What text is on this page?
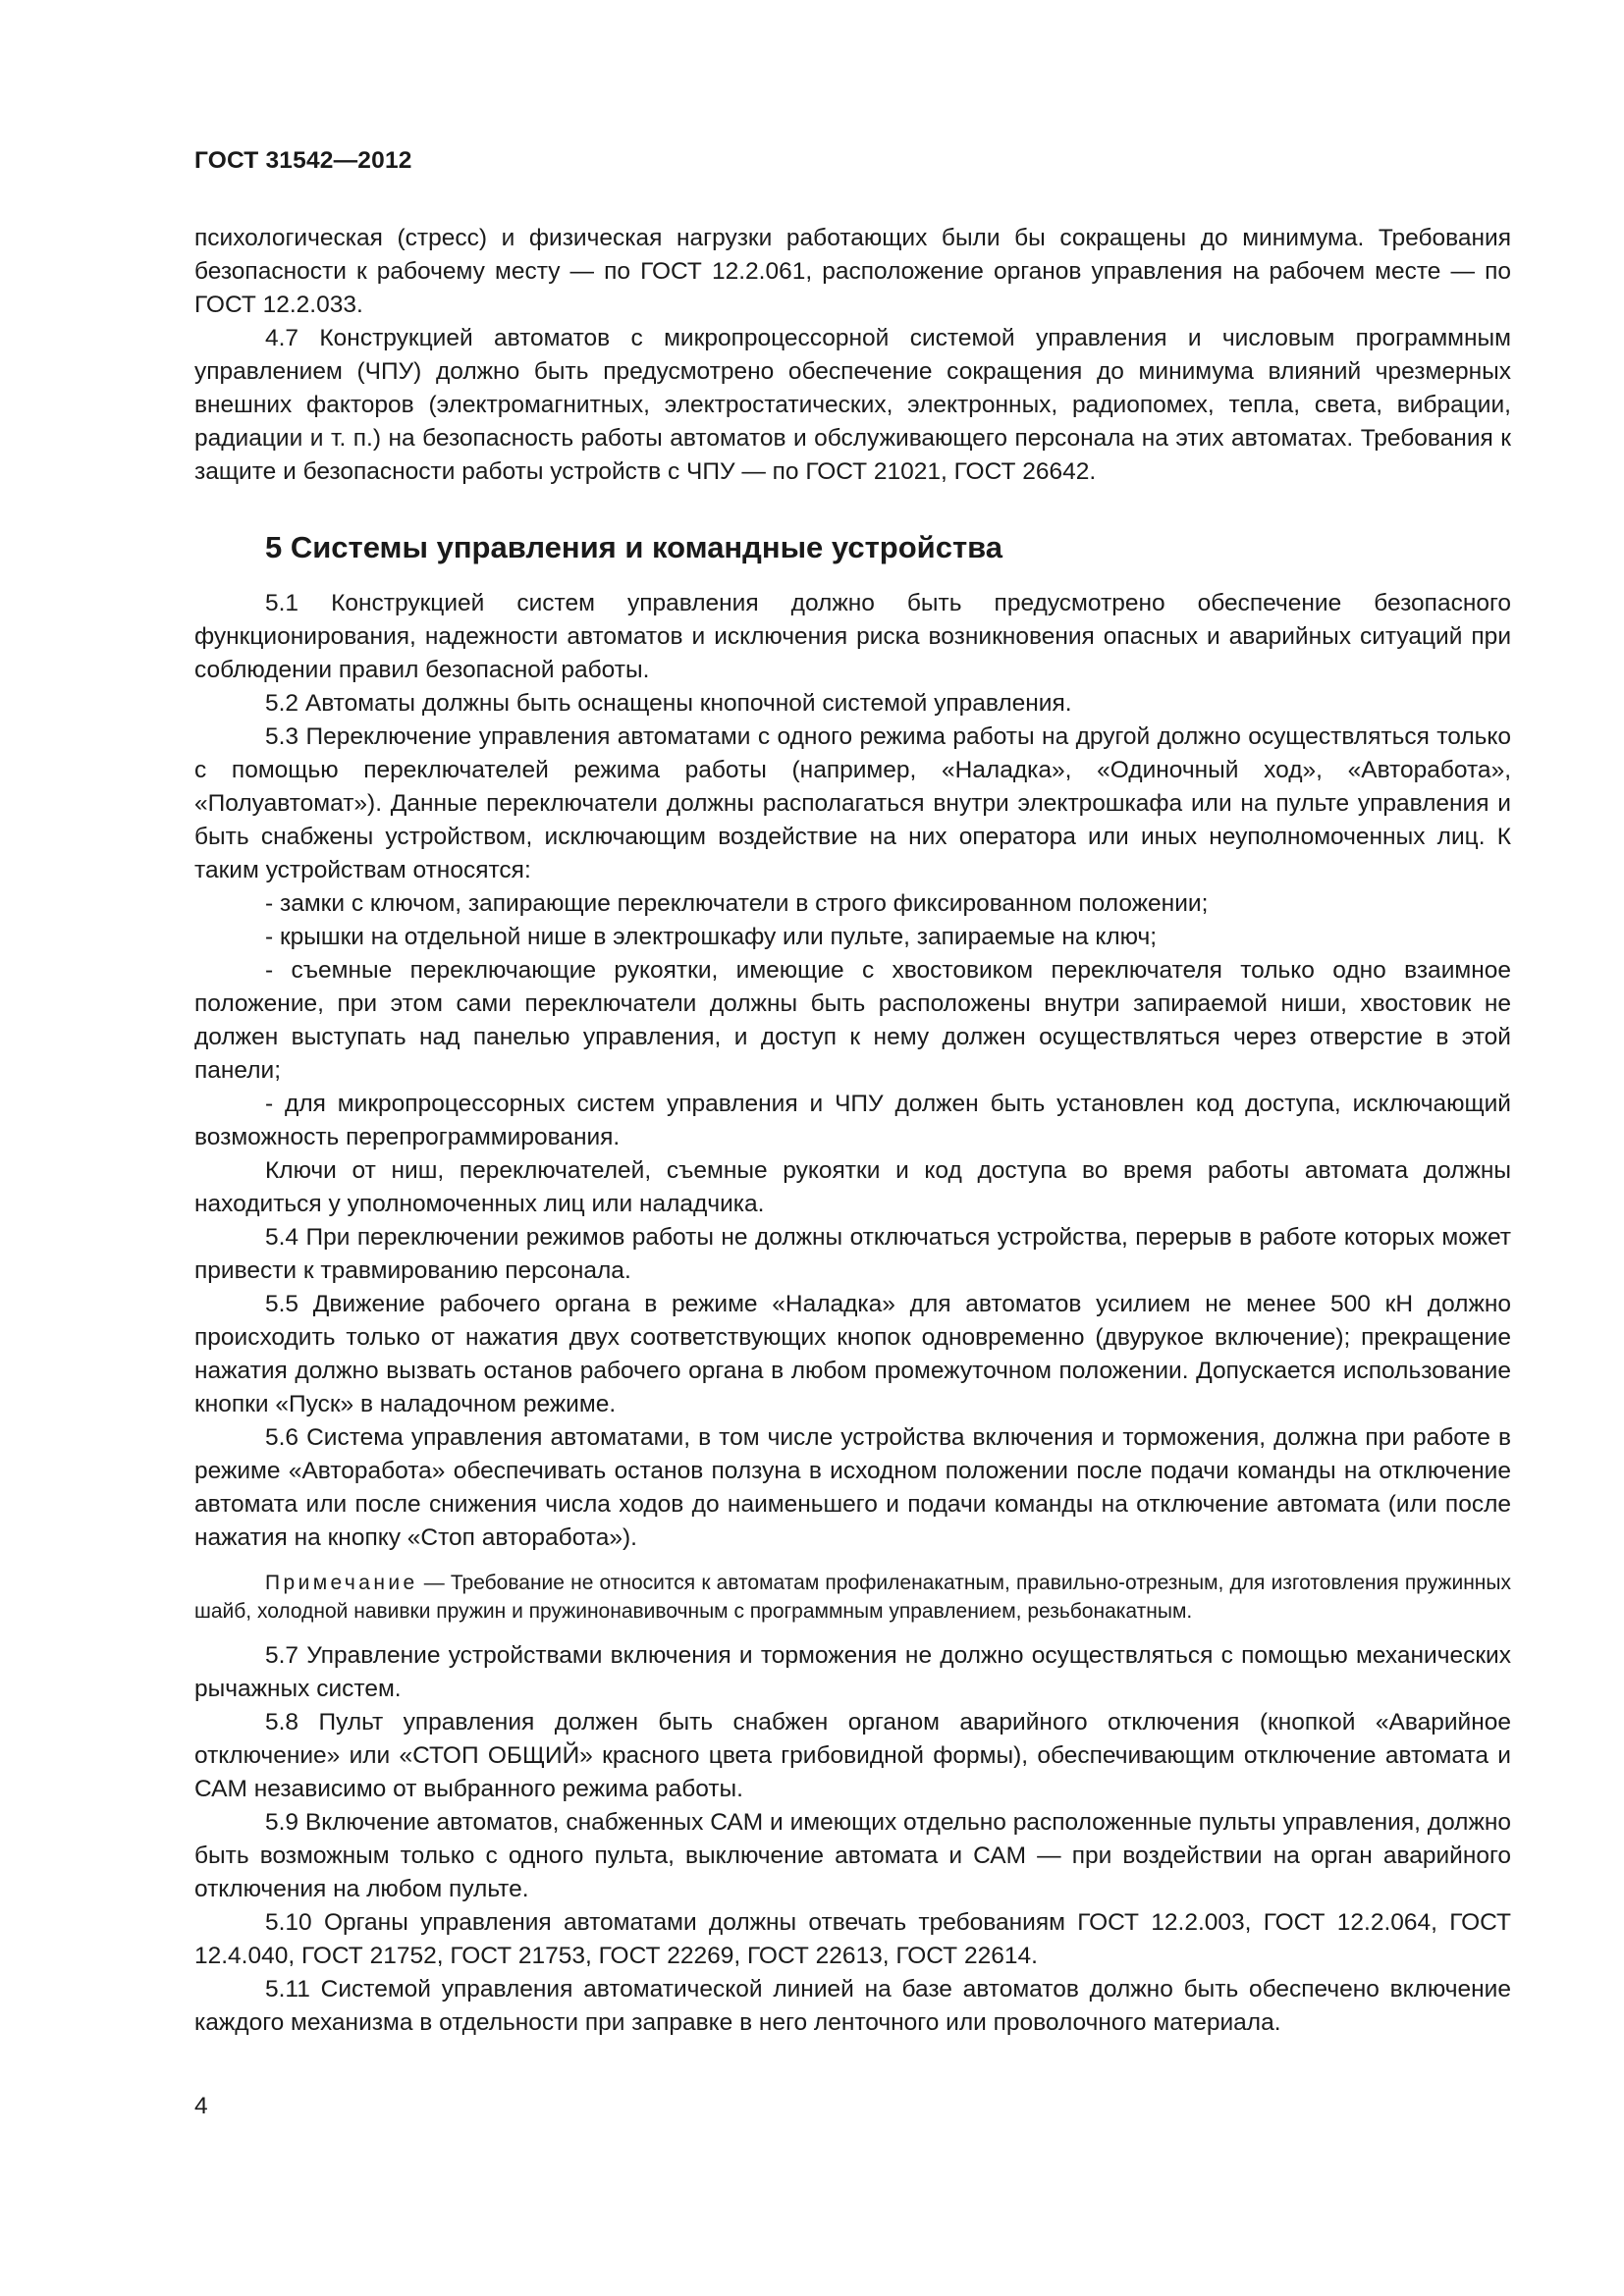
ГОСТ 31542—2012

психологическая (стресс) и физическая нагрузки работающих были бы сокращены до минимума. Требования безопасности к рабочему месту — по ГОСТ 12.2.061, расположение органов управления на рабочем месте — по ГОСТ 12.2.033.

4.7 Конструкцией автоматов с микропроцессорной системой управления и числовым программным управлением (ЧПУ) должно быть предусмотрено обеспечение сокращения до минимума влияний чрезмерных внешних факторов (электромагнитных, электростатических, электронных, радиопомех, тепла, света, вибрации, радиации и т. п.) на безопасность работы автоматов и обслуживающего персонала на этих автоматах. Требования к защите и безопасности работы устройств с ЧПУ — по ГОСТ 21021, ГОСТ 26642.

5 Системы управления и командные устройства

5.1 Конструкцией систем управления должно быть предусмотрено обеспечение безопасного функционирования, надежности автоматов и исключения риска возникновения опасных и аварийных ситуаций при соблюдении правил безопасной работы.

5.2 Автоматы должны быть оснащены кнопочной системой управления.

5.3 Переключение управления автоматами с одного режима работы на другой должно осуществляться только с помощью переключателей режима работы (например, «Наладка», «Одиночный ход», «Авторабота», «Полуавтомат»). Данные переключатели должны располагаться внутри электрошкафа или на пульте управления и быть снабжены устройством, исключающим воздействие на них оператора или иных неуполномоченных лиц. К таким устройствам относятся:

- замки с ключом, запирающие переключатели в строго фиксированном положении;

- крышки на отдельной нише в электрошкафу или пульте, запираемые на ключ;

- съемные переключающие рукоятки, имеющие с хвостовиком переключателя только одно взаимное положение, при этом сами переключатели должны быть расположены внутри запираемой ниши, хвостовик не должен выступать над панелью управления, и доступ к нему должен осуществляться через отверстие в этой панели;

- для микропроцессорных систем управления и ЧПУ должен быть установлен код доступа, исключающий возможность перепрограммирования.

Ключи от ниш, переключателей, съемные рукоятки и код доступа во время работы автомата должны находиться у уполномоченных лиц или наладчика.

5.4 При переключении режимов работы не должны отключаться устройства, перерыв в работе которых может привести к травмированию персонала.

5.5 Движение рабочего органа в режиме «Наладка» для автоматов усилием не менее 500 кН должно происходить только от нажатия двух соответствующих кнопок одновременно (двурукое включение); прекращение нажатия должно вызвать останов рабочего органа в любом промежуточном положении. Допускается использование кнопки «Пуск» в наладочном режиме.

5.6 Система управления автоматами, в том числе устройства включения и торможения, должна при работе в режиме «Авторабота» обеспечивать останов ползуна в исходном положении после подачи команды на отключение автомата или после снижения числа ходов до наименьшего и подачи команды на отключение автомата (или после нажатия на кнопку «Стоп авторабота»).

Примечание — Требование не относится к автоматам профиленакатным, правильно-отрезным, для изготовления пружинных шайб, холодной навивки пружин и пружинонавивочным с программным управлением, резьбонакатным.

5.7 Управление устройствами включения и торможения не должно осуществляться с помощью механических рычажных систем.

5.8 Пульт управления должен быть снабжен органом аварийного отключения (кнопкой «Аварийное отключение» или «СТОП ОБЩИЙ» красного цвета грибовидной формы), обеспечивающим отключение автомата и САМ независимо от выбранного режима работы.

5.9 Включение автоматов, снабженных САМ и имеющих отдельно расположенные пульты управления, должно быть возможным только с одного пульта, выключение автомата и САМ — при воздействии на орган аварийного отключения на любом пульте.

5.10 Органы управления автоматами должны отвечать требованиям ГОСТ 12.2.003, ГОСТ 12.2.064, ГОСТ 12.4.040, ГОСТ 21752, ГОСТ 21753, ГОСТ 22269, ГОСТ 22613, ГОСТ 22614.

5.11 Системой управления автоматической линией на базе автоматов должно быть обеспечено включение каждого механизма в отдельности при заправке в него ленточного или проволочного материала.

4
